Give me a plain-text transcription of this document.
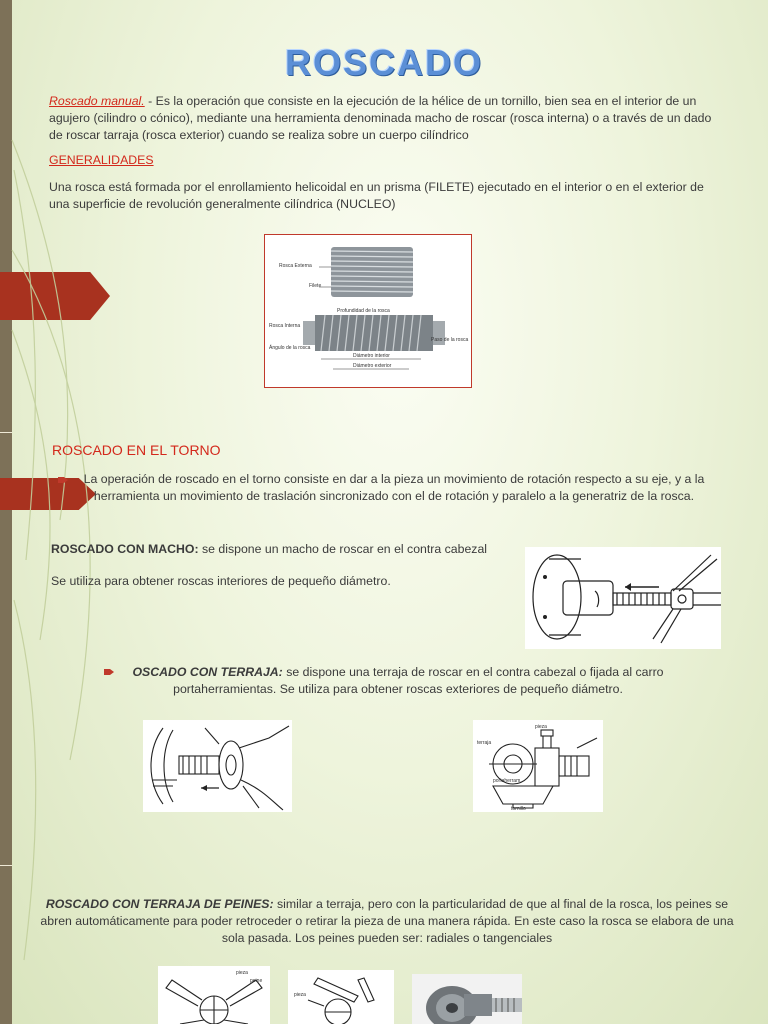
ROSCADO
Roscado manual. - Es la operación que consiste en la ejecución de la hélice de un tornillo, bien sea en el interior de un agujero (cilindro o cónico), mediante una herramienta denominada macho de roscar (rosca interna) o a través de un dado de roscar tarraja (rosca exterior) cuando se realiza sobre un cuerpo cilíndrico
GENERALIDADES
Una rosca está formada por el enrollamiento helicoidal en un prisma (FILETE) ejecutado en el interior o en el exterior de una superficie de revolución generalmente cilíndrica (NUCLEO)
Rosca Externa
Filete
Profundidad de la rosca
Rosca Interna
Paso de la rosca
Ángulo de la rosca
Diámetro interior
Diámetro exterior
ROSCADO EN EL TORNO
La operación de roscado en el torno consiste en dar a la pieza un movimiento de rotación respecto a su eje, y a la herramienta un movimiento de traslación sincronizado con el de rotación y paralelo a la generatriz de la rosca.
ROSCADO CON MACHO: se dispone un macho de roscar en el contra cabezal
Se utiliza para obtener roscas interiores de pequeño diámetro.
OSCADO CON TERRAJA: se dispone una terraja de roscar en el contra cabezal o fijada al carro portaherramientas. Se utiliza para obtener roscas exteriores de pequeño diámetro.
pieza
terraja
portaherram.
tornillo
ROSCADO CON TERRAJA DE PEINES: similar a terraja, pero con la particularidad de que al final de la rosca, los peines se abren automáticamente para poder retroceder o retirar la pieza de una manera rápida. En este caso la rosca se elabora de una sola pasada. Los peines pueden ser: radiales o tangenciales
pieza
peine
pieza
